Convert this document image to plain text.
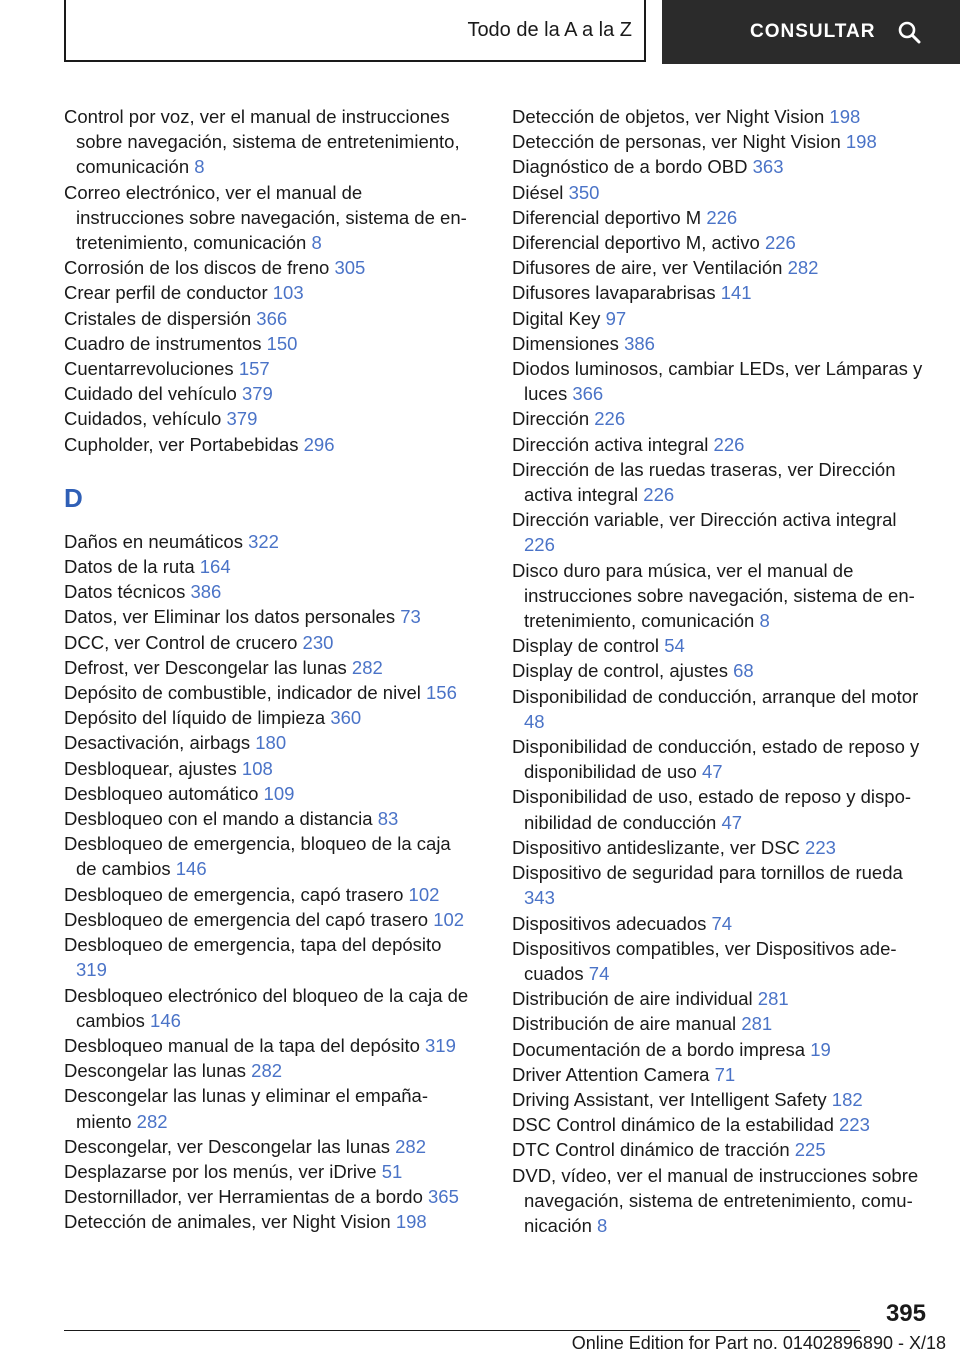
Todo de la A a la Z	CONSULTAR

Control por voz, ver el manual de instrucciones sobre navegación, sistema de entretenimiento, comunicación 8

Correo electrónico, ver el manual de instrucciones sobre navegación, sistema de entretenimiento, comunicación 8

Corrosión de los discos de freno 305

Crear perfil de conductor 103

Cristales de dispersión 366

Cuadro de instrumentos 150

Cuentarrevoluciones 157

Cuidado del vehículo 379

Cuidados, vehículo 379

Cupholder, ver Portabebidas 296

D

Daños en neumáticos 322

Datos de la ruta 164

Datos técnicos 386

Datos, ver Eliminar los datos personales 73

DCC, ver Control de crucero 230

Defrost, ver Descongelar las lunas 282

Depósito de combustible, indicador de nivel 156

Depósito del líquido de limpieza 360

Desactivación, airbags 180

Desbloquear, ajustes 108

Desbloqueo automático 109

Desbloqueo con el mando a distancia 83

Desbloqueo de emergencia, bloqueo de la caja de cambios 146

Desbloqueo de emergencia, capó trasero 102

Desbloqueo de emergencia del capó trasero 102

Desbloqueo de emergencia, tapa del depósito 319

Desbloqueo electrónico del bloqueo de la caja de cambios 146

Desbloqueo manual de la tapa del depósito 319

Descongelar las lunas 282

Descongelar las lunas y eliminar el empañamiento 282

Descongelar, ver Descongelar las lunas 282

Desplazarse por los menús, ver iDrive 51

Destornillador, ver Herramientas de a bordo 365

Detección de animales, ver Night Vision 198

Detección de objetos, ver Night Vision 198

Detección de personas, ver Night Vision 198

Diagnóstico de a bordo OBD 363

Diésel 350

Diferencial deportivo M 226

Diferencial deportivo M, activo 226

Difusores de aire, ver Ventilación 282

Difusores lavaparabrisas 141

Digital Key 97

Dimensiones 386

Diodos luminosos, cambiar LEDs, ver Lámparas y luces 366

Dirección 226

Dirección activa integral 226

Dirección de las ruedas traseras, ver Dirección activa integral 226

Dirección variable, ver Dirección activa integral 226

Disco duro para música, ver el manual de instrucciones sobre navegación, sistema de entretenimiento, comunicación 8

Display de control 54

Display de control, ajustes 68

Disponibilidad de conducción, arranque del motor 48

Disponibilidad de conducción, estado de reposo y disponibilidad de uso 47

Disponibilidad de uso, estado de reposo y disponibilidad de conducción 47

Dispositivo antideslizante, ver DSC 223

Dispositivo de seguridad para tornillos de rueda 343

Dispositivos adecuados 74

Dispositivos compatibles, ver Dispositivos adecuados 74

Distribución de aire individual 281

Distribución de aire manual 281

Documentación de a bordo impresa 19

Driver Attention Camera 71

Driving Assistant, ver Intelligent Safety 182

DSC Control dinámico de la estabilidad 223

DTC Control dinámico de tracción 225

DVD, vídeo, ver el manual de instrucciones sobre navegación, sistema de entretenimiento, comunicación 8

395
Online Edition for Part no. 01402896890 - X/18
